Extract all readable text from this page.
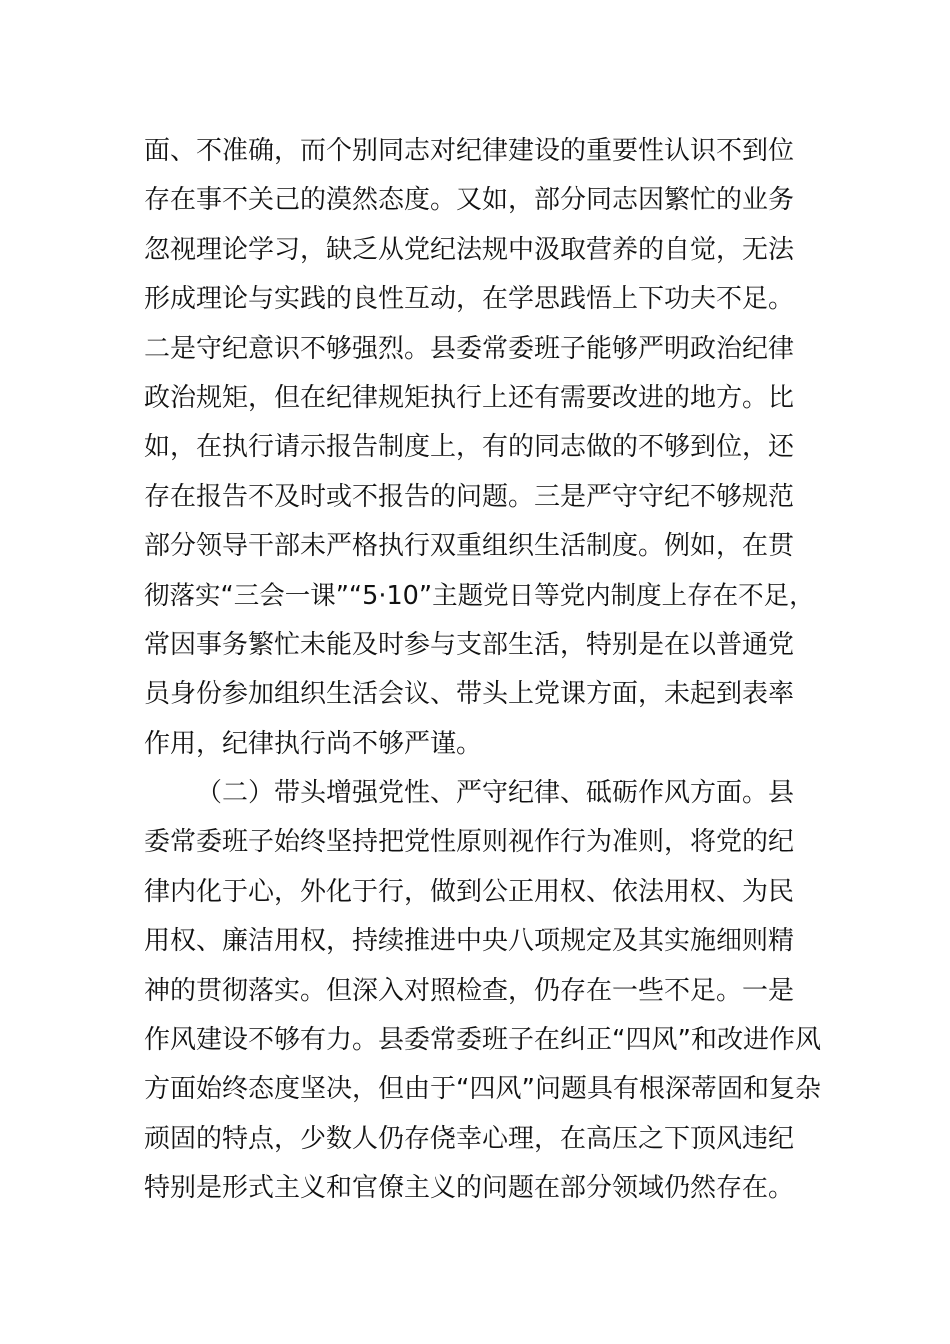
面、不准确，而个别同志对纪律建设的重要性认识不到位
存在事不关己的漠然态度。又如，部分同志因繁忙的业务
忽视理论学习，缺乏从党纪法规中汲取营养的自觉，无法
形成理论与实践的良性互动，在学思践悟上下功夫不足。
二是守纪意识不够强烈。县委常委班子能够严明政治纪律
政治规矩，但在纪律规矩执行上还有需要改进的地方。比
如，在执行请示报告制度上，有的同志做的不够到位，还
存在报告不及时或不报告的问题。三是严守守纪不够规范
部分领导干部未严格执行双重组织生活制度。例如，在贯
彻落实“三会一课”“5·10”主题党日等党内制度上存在不足，
常因事务繁忙未能及时参与支部生活，特别是在以普通党
员身份参加组织生活会议、带头上党课方面，未起到表率
作用，纪律执行尚不够严谨。
（二）带头增强党性、严守纪律、砥砺作风方面。县
委常委班子始终坚持把党性原则视作行为准则，将党的纪
律内化于心，外化于行，做到公正用权、依法用权、为民
用权、廉洁用权，持续推进中央八项规定及其实施细则精
神的贯彻落实。但深入对照检查，仍存在一些不足。一是
作风建设不够有力。县委常委班子在纠正“四风”和改进作风
方面始终态度坚决，但由于“四风”问题具有根深蒂固和复杂
顽固的特点，少数人仍存侥幸心理，在高压之下顶风违纪
特别是形式主义和官僚主义的问题在部分领域仍然存在。
